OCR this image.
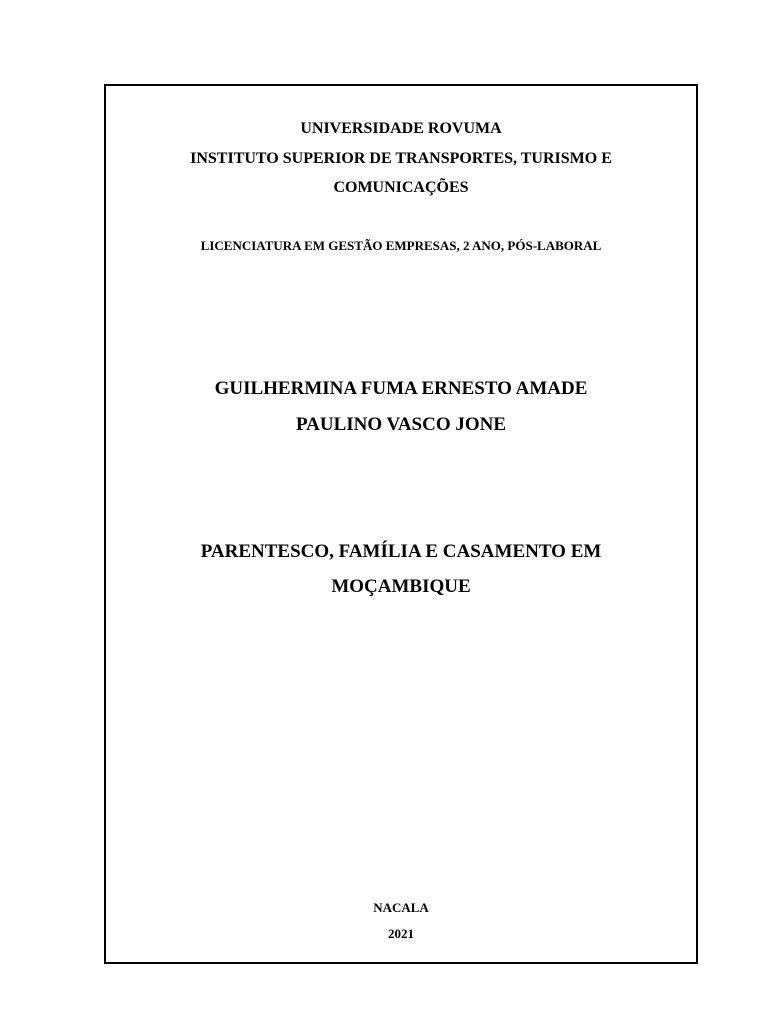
UNIVERSIDADE ROVUMA
INSTITUTO SUPERIOR DE TRANSPORTES, TURISMO E
COMUNICAÇÕES
LICENCIATURA EM GESTÃO EMPRESAS, 2 ANO, PÓS-LABORAL
GUILHERMINA FUMA ERNESTO AMADE
PAULINO VASCO JONE
PARENTESCO, FAMÍLIA E CASAMENTO EM
MOÇAMBIQUE
NACALA
2021
